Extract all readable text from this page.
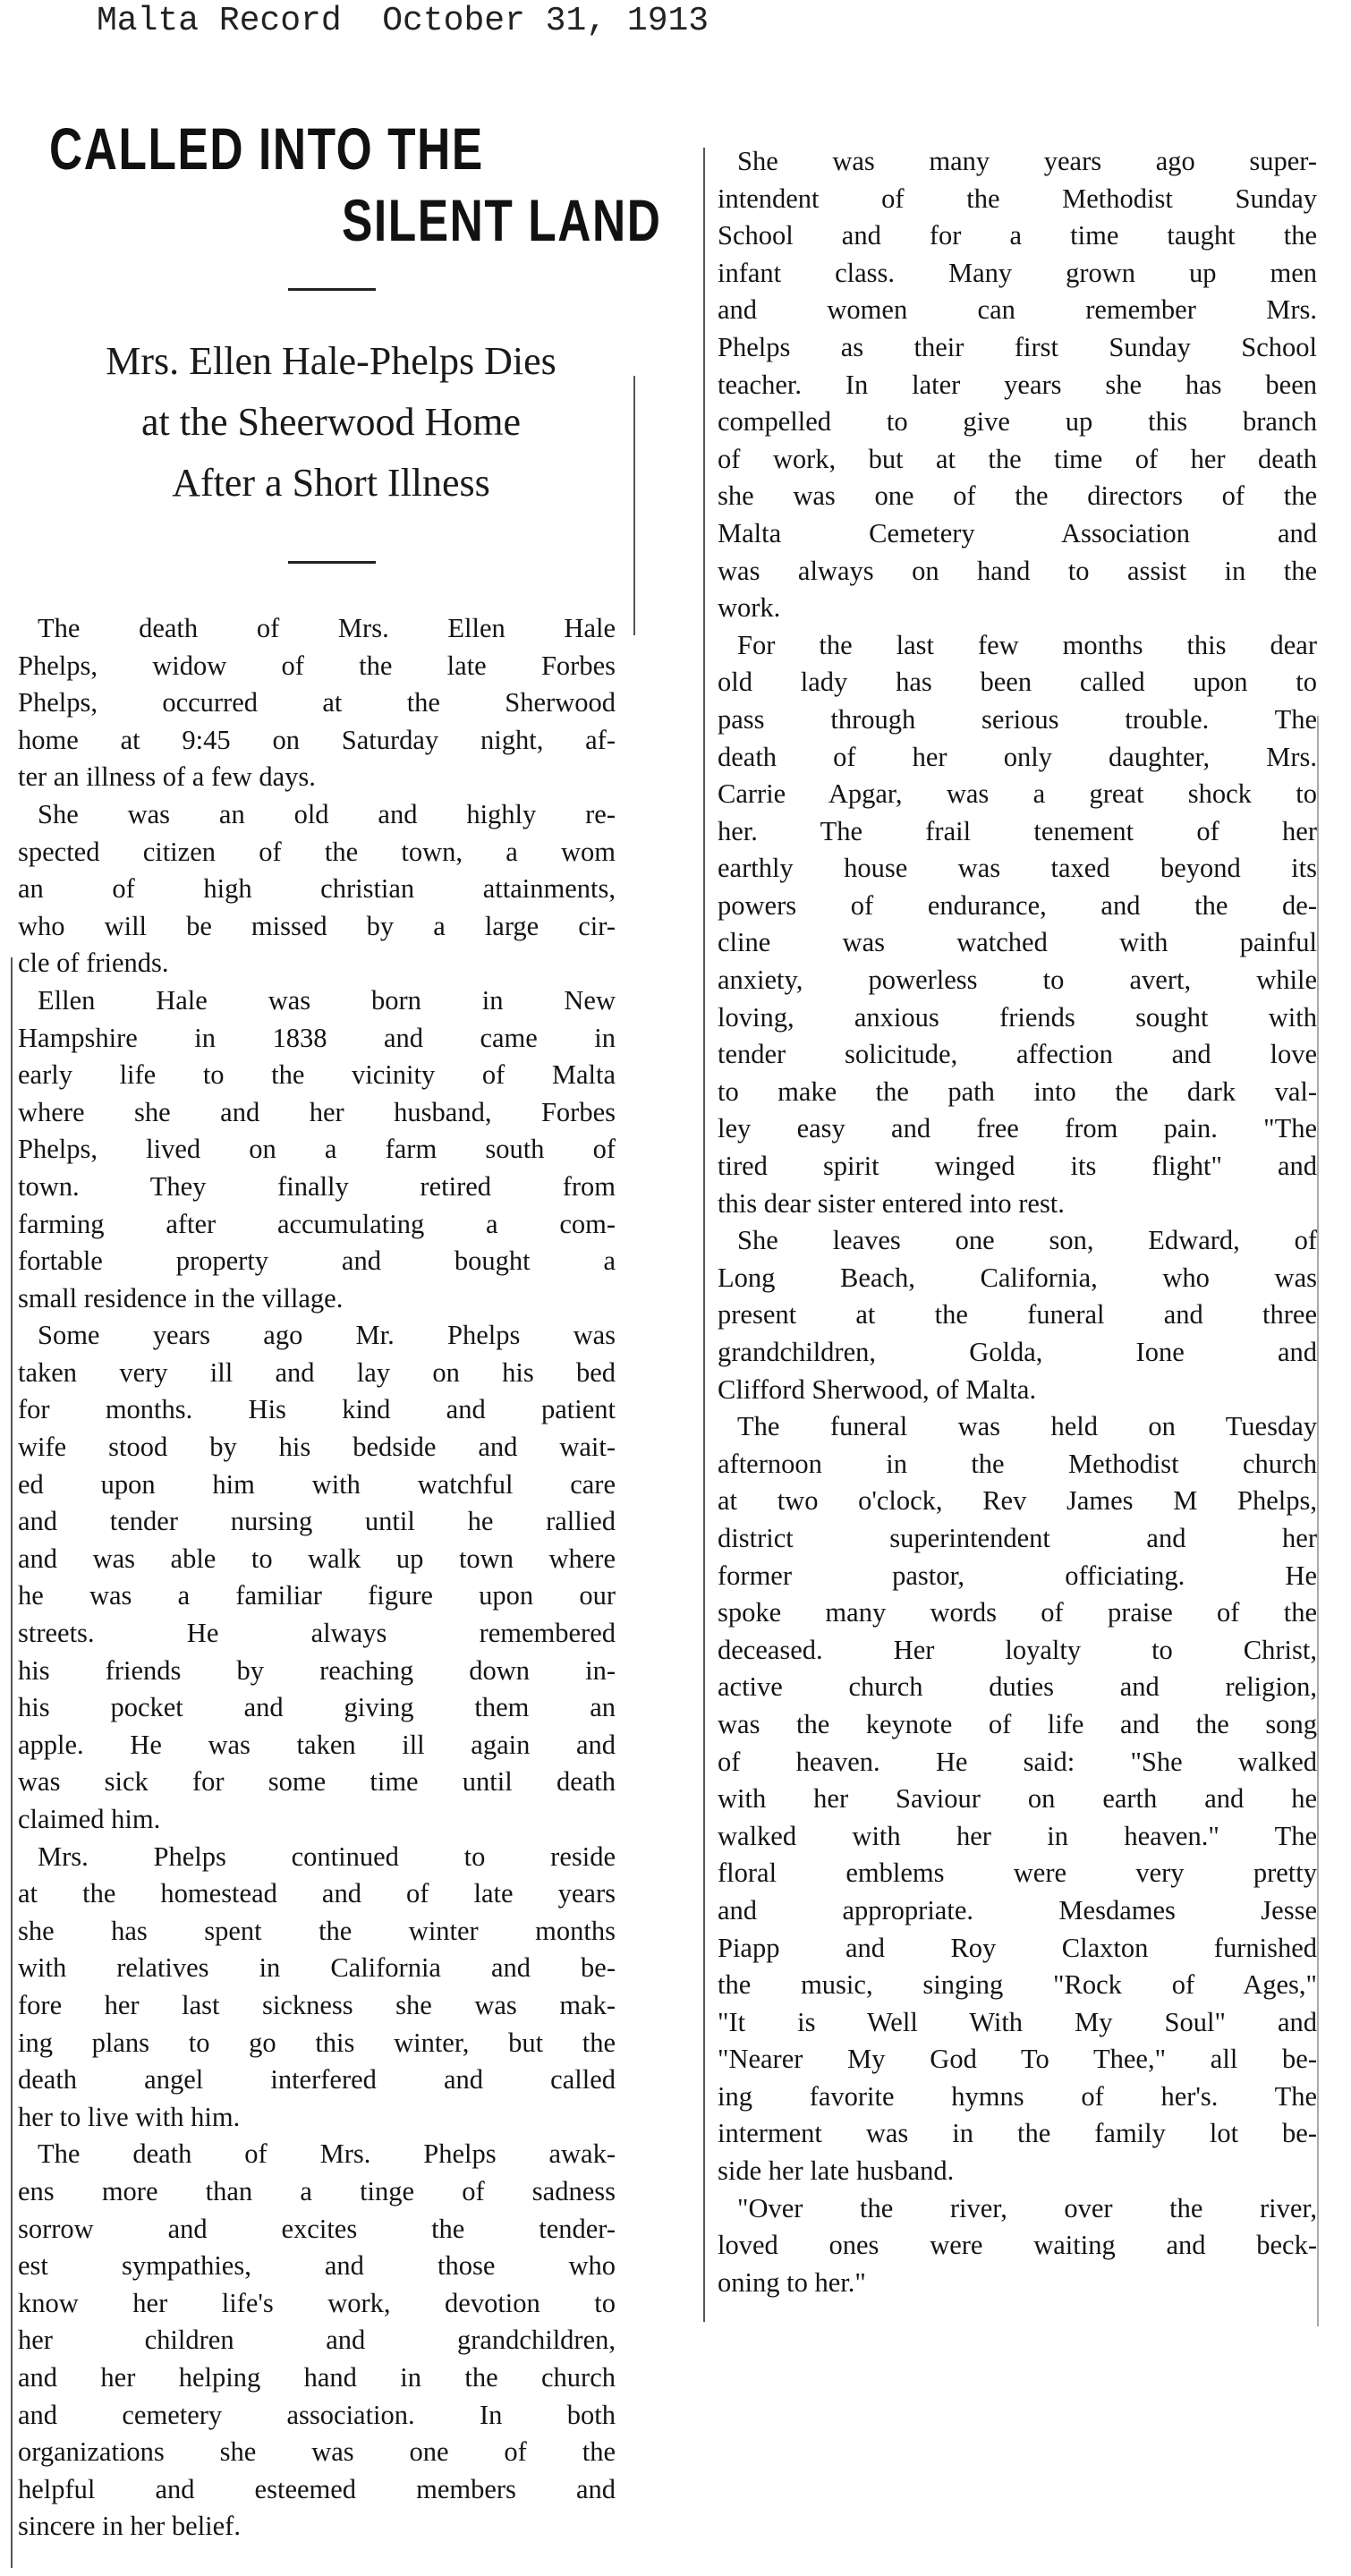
Malta Record  October 31, 1913
CALLED INTO THE
SILENT LAND
Mrs. Ellen Hale-Phelps Dies
at the Sheerwood Home
After a Short Illness
The death of Mrs. Ellen Hale
Phelps, widow of the late Forbes
Phelps, occurred at the Sherwood
home at 9:45 on Saturday night, af-
ter an illness of a few days.
She was an old and highly re-
spected citizen of the town, a wom
an of high christian attainments,
who will be missed by a large cir-
cle of friends.
Ellen Hale was born in New
Hampshire in 1838 and came in
early life to the vicinity of Malta
where she and her husband, Forbes
Phelps, lived on a farm south of
town. They finally retired from
farming after accumulating a com-
fortable property and bought a
small residence in the village.
Some years ago Mr. Phelps was
taken very ill and lay on his bed
for months. His kind and patient
wife stood by his bedside and wait-
ed upon him with watchful care
and tender nursing until he rallied
and was able to walk up town where
he was a familiar figure upon our
streets. He always remembered
his friends by reaching down in-
his pocket and giving them an
apple. He was taken ill again and
was sick for some time until death
claimed him.
Mrs. Phelps continued to reside
at the homestead and of late years
she has spent the winter months
with relatives in California and be-
fore her last sickness she was mak-
ing plans to go this winter, but the
death angel interfered and called
her to live with him.
The death of Mrs. Phelps awak-
ens more than a tinge of sadness
sorrow and excites the tender-
est sympathies, and those who
know her life's work, devotion to
her children and grandchildren,
and her helping hand in the church
and cemetery association. In both
organizations she was one of the
helpful and esteemed members and
sincere in her belief.
She was many years ago super-
intendent of the Methodist Sunday
School and for a time taught the
infant class. Many grown up men
and women can remember Mrs.
Phelps as their first Sunday School
teacher. In later years she has been
compelled to give up this branch
of work, but at the time of her death
she was one of the directors of the
Malta Cemetery Association and
was always on hand to assist in the
work.
For the last few months this dear
old lady has been called upon to
pass through serious trouble. The
death of her only daughter, Mrs.
Carrie Apgar, was a great shock to
her. The frail tenement of her
earthly house was taxed beyond its
powers of endurance, and the de-
cline was watched with painful
anxiety, powerless to avert, while
loving, anxious friends sought with
tender solicitude, affection and love
to make the path into the dark val-
ley easy and free from pain. "The
tired spirit winged its flight" and
this dear sister entered into rest.
She leaves one son, Edward, of
Long Beach, California, who was
present at the funeral and three
grandchildren, Golda, Ione and
Clifford Sherwood, of Malta.
The funeral was held on Tuesday
afternoon in the Methodist church
at two o'clock, Rev James M Phelps,
district superintendent and her
former pastor, officiating. He
spoke many words of praise of the
deceased. Her loyalty to Christ,
active church duties and religion,
was the keynote of life and the song
of heaven. He said: "She walked
with her Saviour on earth and he
walked with her in heaven." The
floral emblems were very pretty
and appropriate. Mesdames Jesse
Piapp and Roy Claxton furnished
the music, singing "Rock of Ages,"
"It is Well With My Soul" and
"Nearer My God To Thee," all be-
ing favorite hymns of her's. The
interment was in the family lot be-
side her late husband.
"Over the river, over the river,
loved ones were waiting and beck-
oning to her."
